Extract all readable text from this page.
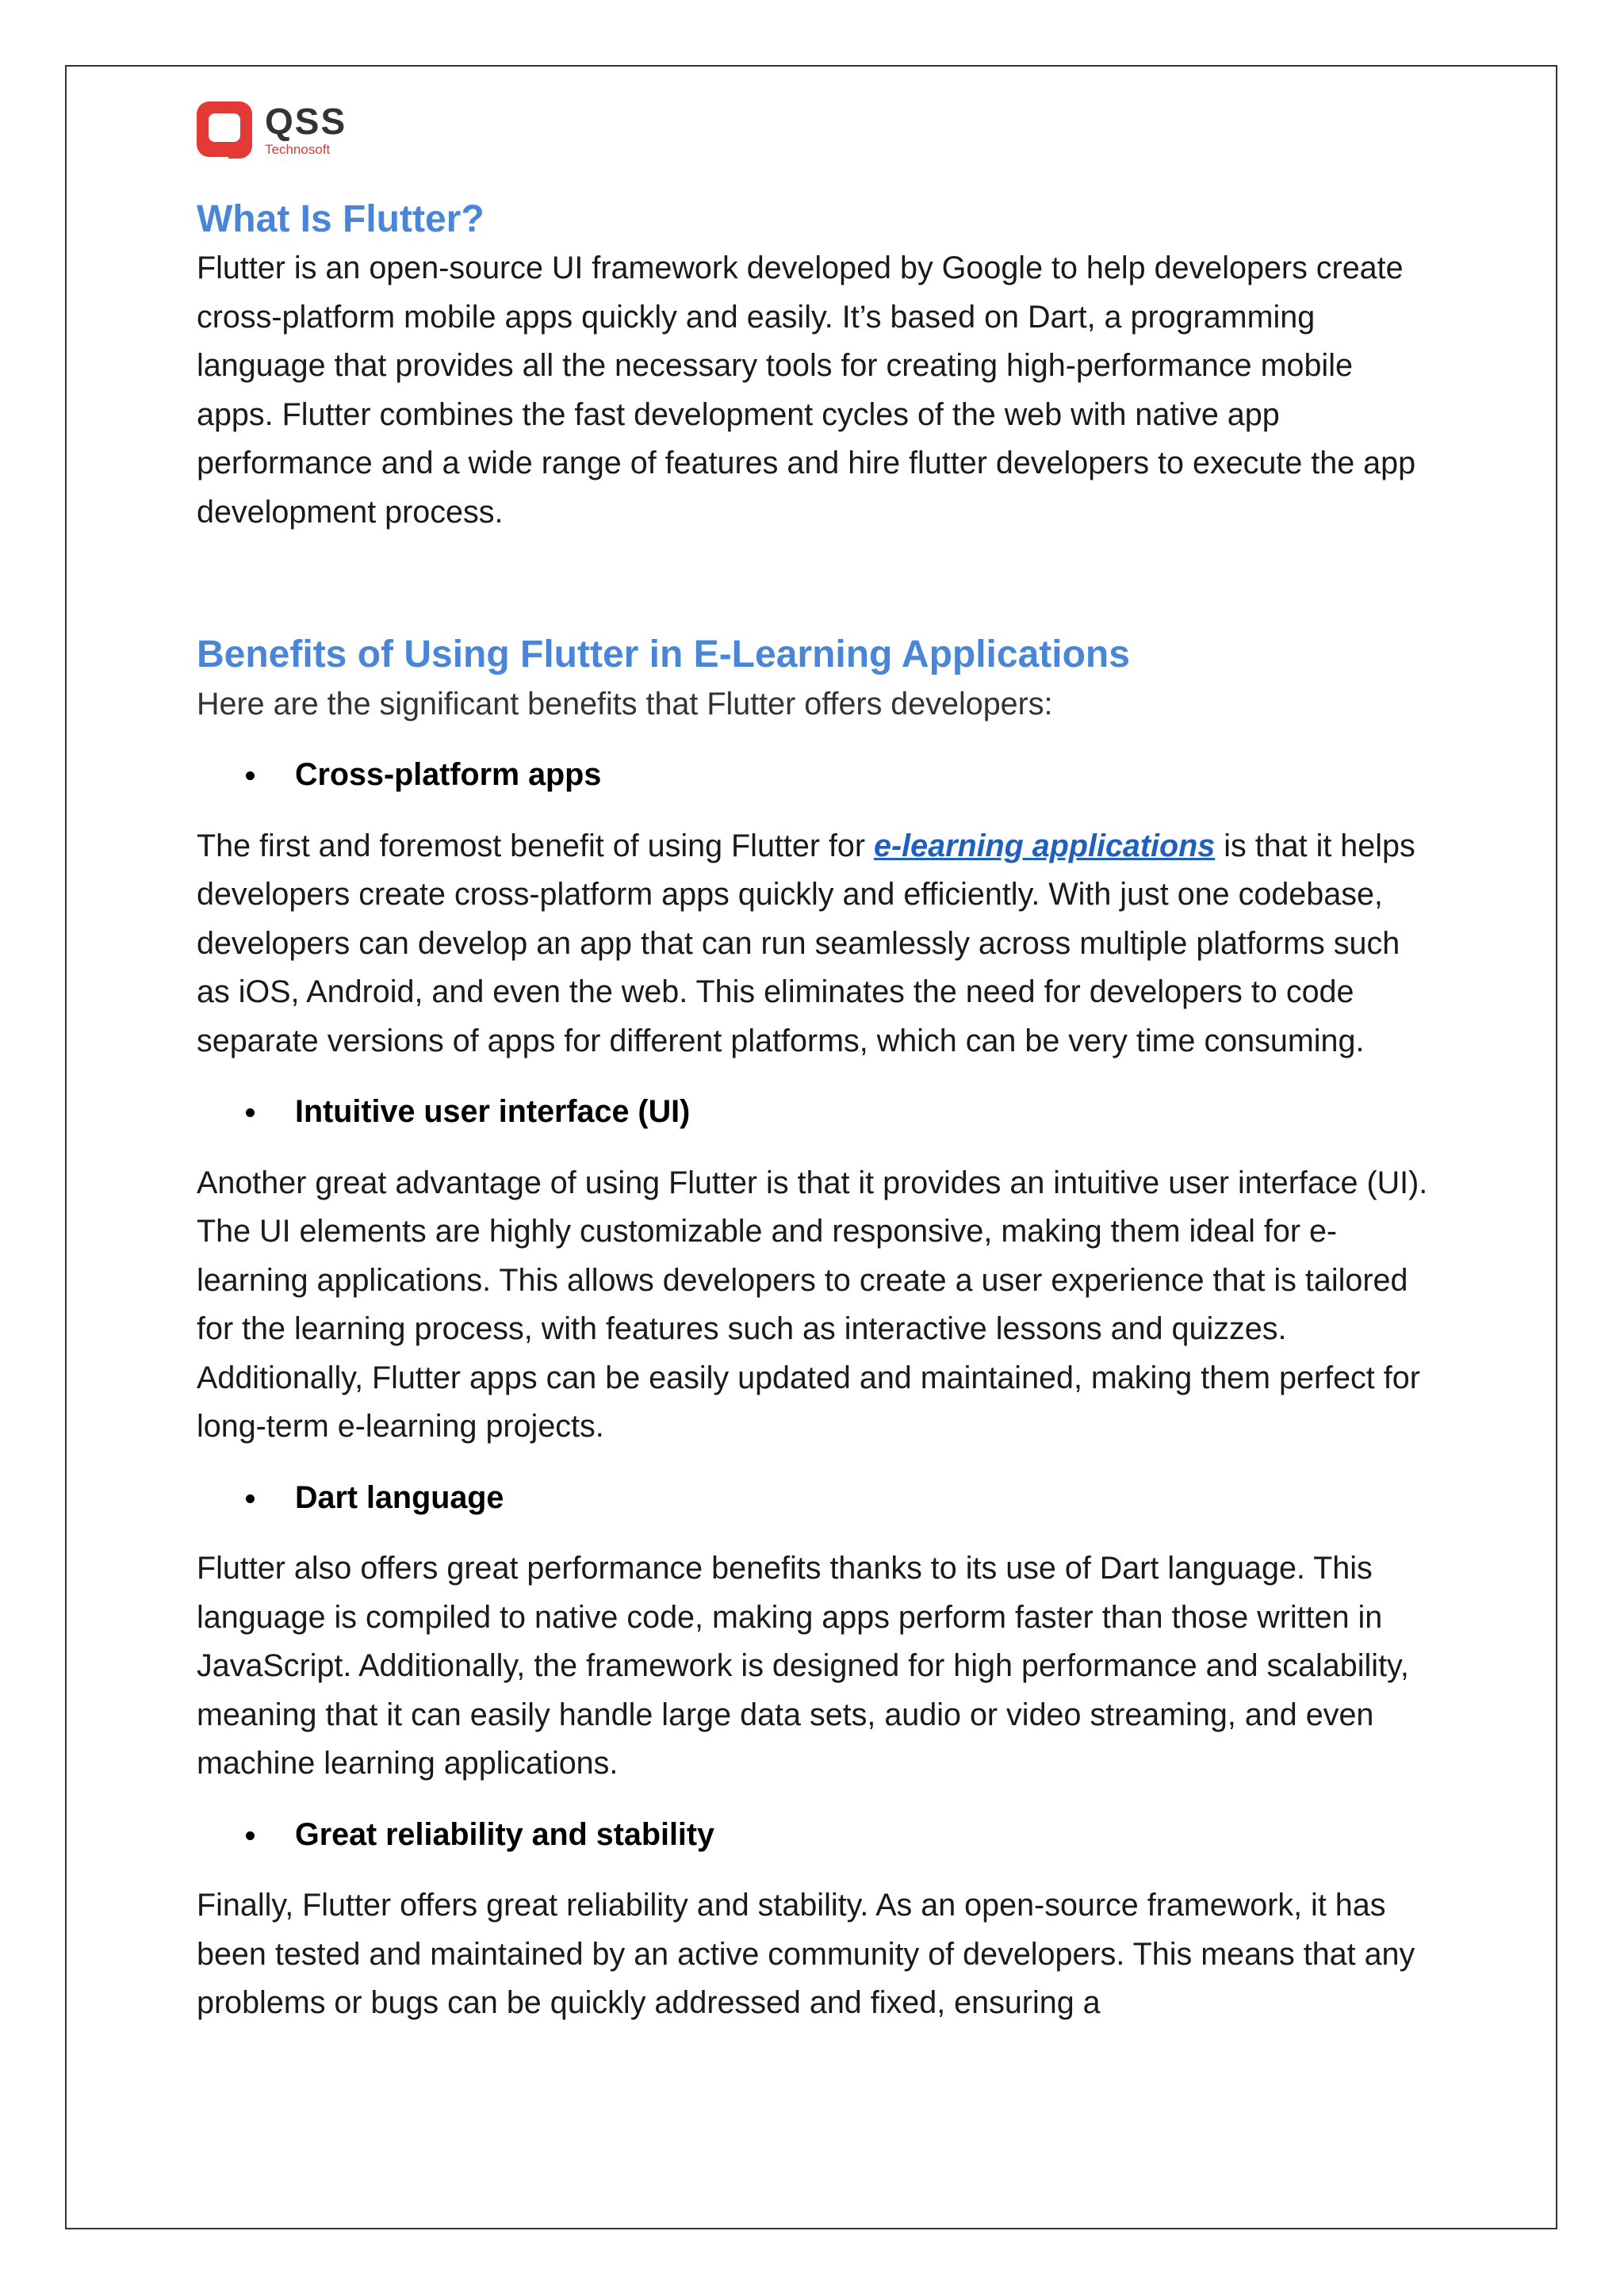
QSS
Technosoft
What Is Flutter?

Flutter is an open-source UI framework developed by Google to help developers create cross-platform mobile apps quickly and easily. It’s based on Dart, a programming language that provides all the necessary tools for creating high-performance mobile apps. Flutter combines the fast development cycles of the web with native app performance and a wide range of features and hire flutter developers to execute the app development process.

Benefits of Using Flutter in E-Learning Applications

Here are the significant benefits that Flutter offers developers:

Cross-platform apps

The first and foremost benefit of using Flutter for e-learning applications is that it helps developers create cross-platform apps quickly and efficiently. With just one codebase, developers can develop an app that can run seamlessly across multiple platforms such as iOS, Android, and even the web. This eliminates the need for developers to code separate versions of apps for different platforms, which can be very time consuming.

Intuitive user interface (UI)

Another great advantage of using Flutter is that it provides an intuitive user interface (UI). The UI elements are highly customizable and responsive, making them ideal for e-learning applications. This allows developers to create a user experience that is tailored for the learning process, with features such as interactive lessons and quizzes. Additionally, Flutter apps can be easily updated and maintained, making them perfect for long-term e-learning projects.

Dart language

Flutter also offers great performance benefits thanks to its use of Dart language. This language is compiled to native code, making apps perform faster than those written in JavaScript. Additionally, the framework is designed for high performance and scalability, meaning that it can easily handle large data sets, audio or video streaming, and even machine learning applications.

Great reliability and stability

Finally, Flutter offers great reliability and stability. As an open-source framework, it has been tested and maintained by an active community of developers. This means that any problems or bugs can be quickly addressed and fixed, ensuring a
